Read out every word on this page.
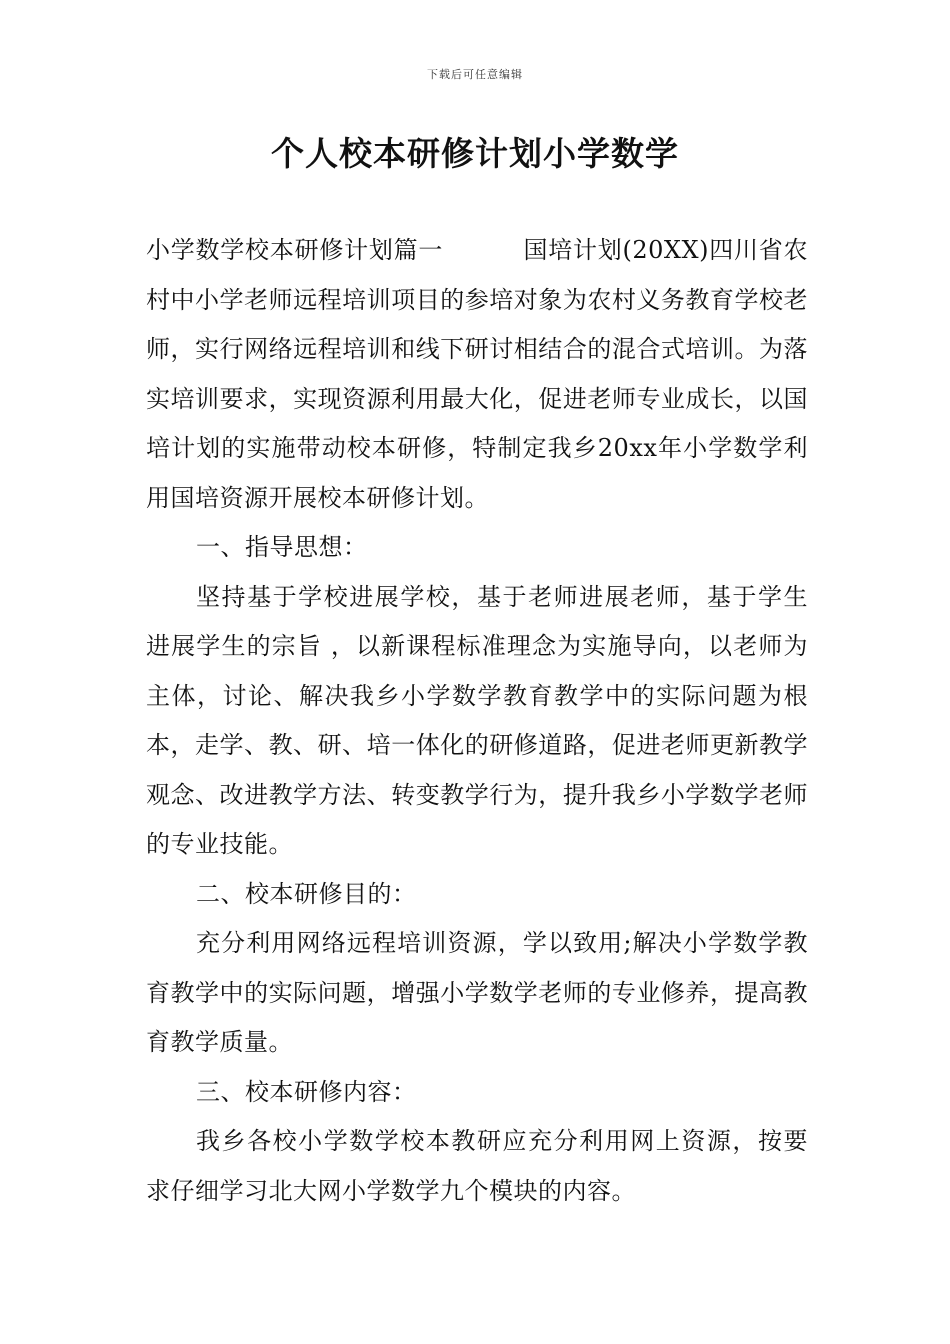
下载后可任意编辑
个人校本研修计划小学数学

小学数学校本研修计划篇一	国培计划(20XX)四川省农村中小学老师远程培训项目的参培对象为农村义务教育学校老师，实行网络远程培训和线下研讨相结合的混合式培训。为落实培训要求，实现资源利用最大化，促进老师专业成长，以国培计划的实施带动校本研修，特制定我乡20xx年小学数学利用国培资源开展校本研修计划。

一、指导思想：

坚持基于学校进展学校，基于老师进展老师，基于学生进展学生的宗旨 ，以新课程标准理念为实施导向，以老师为主体，讨论、解决我乡小学数学教育教学中的实际问题为根本，走学、教、研、培一体化的研修道路，促进老师更新教学观念、改进教学方法、转变教学行为，提升我乡小学数学老师的专业技能。

二、校本研修目的：

充分利用网络远程培训资源，学以致用;解决小学数学教育教学中的实际问题，增强小学数学老师的专业修养，提高教育教学质量。

三、校本研修内容：

我乡各校小学数学校本教研应充分利用网上资源，按要求仔细学习北大网小学数学九个模块的内容。
